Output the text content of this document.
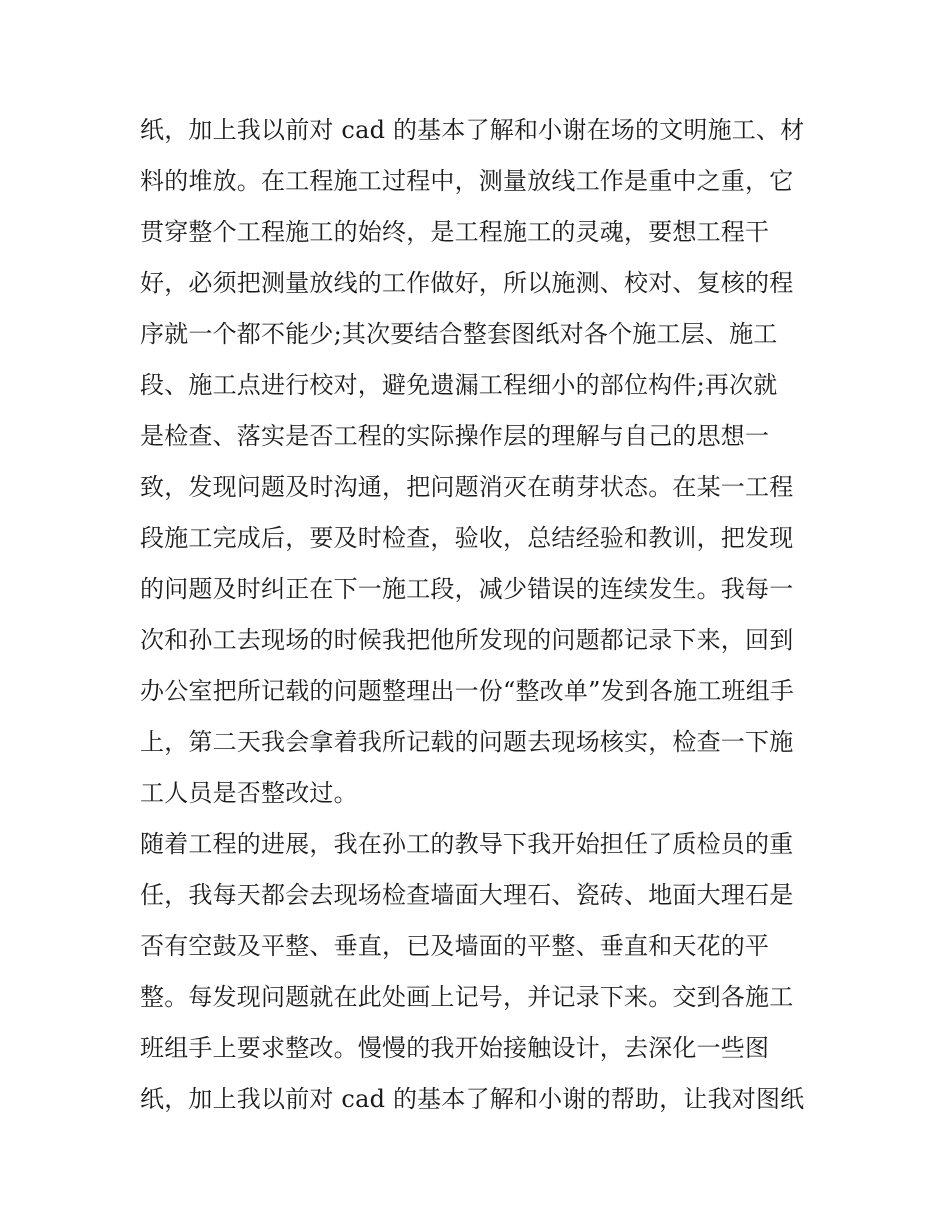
纸，加上我以前对 cad 的基本了解和小谢在场的文明施工、材
料的堆放。在工程施工过程中，测量放线工作是重中之重，它
贯穿整个工程施工的始终，是工程施工的灵魂，要想工程干
好，必须把测量放线的工作做好，所以施测、校对、复核的程
序就一个都不能少;其次要结合整套图纸对各个施工层、施工
段、施工点进行校对，避免遗漏工程细小的部位构件;再次就
是检查、落实是否工程的实际操作层的理解与自己的思想一
致，发现问题及时沟通，把问题消灭在萌芽状态。在某一工程
段施工完成后，要及时检查，验收，总结经验和教训，把发现
的问题及时纠正在下一施工段，减少错误的连续发生。我每一
次和孙工去现场的时候我把他所发现的问题都记录下来，回到
办公室把所记载的问题整理出一份“整改单”发到各施工班组手
上，第二天我会拿着我所记载的问题去现场核实，检查一下施
工人员是否整改过。
随着工程的进展，我在孙工的教导下我开始担任了质检员的重
任，我每天都会去现场检查墙面大理石、瓷砖、地面大理石是
否有空鼓及平整、垂直，已及墙面的平整、垂直和天花的平
整。每发现问题就在此处画上记号，并记录下来。交到各施工
班组手上要求整改。慢慢的我开始接触设计，去深化一些图
纸，加上我以前对 cad 的基本了解和小谢的帮助，让我对图纸
